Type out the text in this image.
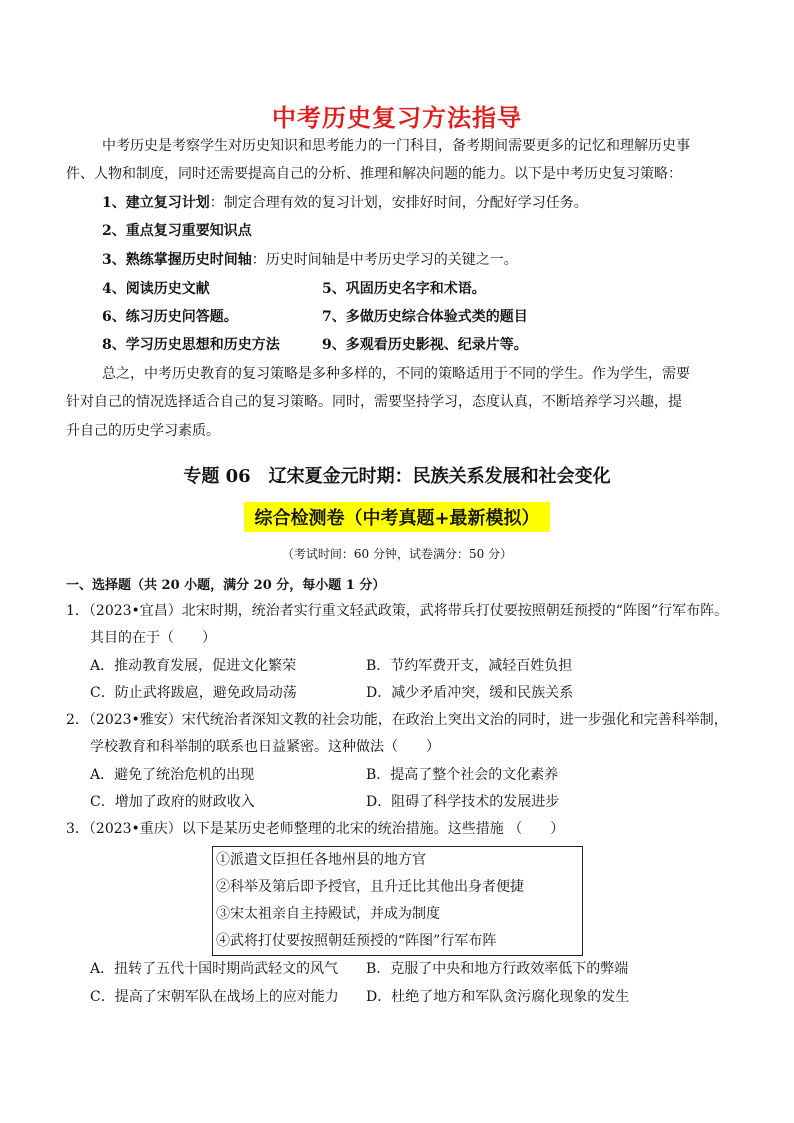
中考历史复习方法指导
中考历史是考察学生对历史知识和思考能力的一门科目，备考期间需要更多的记忆和理解历史事
件、人物和制度，同时还需要提高自己的分析、推理和解决问题的能力。以下是中考历史复习策略：
1、建立复习计划：制定合理有效的复习计划，安排好时间，分配好学习任务。
2、重点复习重要知识点
3、熟练掌握历史时间轴：历史时间轴是中考历史学习的关键之一。
4、阅读历史文献	5、巩固历史名字和术语。
6、练习历史问答题。	7、多做历史综合体验式类的题目
8、学习历史思想和历史方法	9、多观看历史影视、纪录片等。
总之，中考历史教育的复习策略是多种多样的，不同的策略适用于不同的学生。作为学生，需要
针对自己的情况选择适合自己的复习策略。同时，需要坚持学习，态度认真，不断培养学习兴趣，提
升自己的历史学习素质。
专题 06 辽宋夏金元时期：民族关系发展和社会变化
综合检测卷（中考真题+最新模拟）
（考试时间：60 分钟，试卷满分：50 分）
一、选择题（共 20 小题，满分 20 分，每小题 1 分）
1．（2023•宜昌）北宋时期，统治者实行重文轻武政策，武将带兵打仗要按照朝廷预授的“阵图”行军布阵。
其目的在于（　　）
A．推动教育发展，促进文化繁荣	B．节约军费开支，减轻百姓负担
C．防止武将跋扈，避免政局动荡	D．减少矛盾冲突，缓和民族关系
2．（2023•雅安）宋代统治者深知文教的社会功能，在政治上突出文治的同时，进一步强化和完善科举制，
学校教育和科举制的联系也日益紧密。这种做法（　　）
A．避免了统治危机的出现	B．提高了整个社会的文化素养
C．增加了政府的财政收入	D．阻碍了科学技术的发展进步
3．（2023•重庆）以下是某历史老师整理的北宋的统治措施。这些措施 （　　）
①派遣文臣担任各地州县的地方官
②科举及第后即予授官，且升迁比其他出身者便捷
③宋太祖亲自主持殿试，并成为制度
④武将打仗要按照朝廷预授的“阵图”行军布阵
A．扭转了五代十国时期尚武轻文的风气 B．克服了中央和地方行政效率低下的弊端
C．提高了宋朝军队在战场上的应对能力 D．杜绝了地方和军队贪污腐化现象的发生
